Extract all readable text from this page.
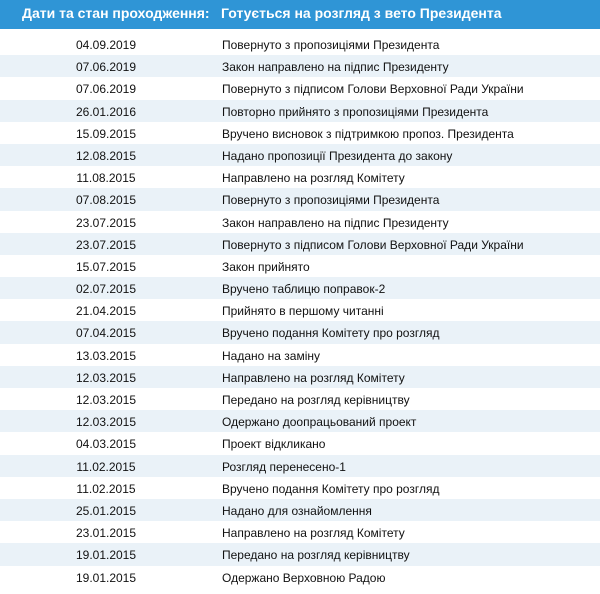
Дати та стан проходження: Готується на розгляд з вето Президента
04.09.2019	Повернуто з пропозиціями Президента
07.06.2019	Закон направлено на підпис Президенту
07.06.2019	Повернуто з підписом Голови Верховної Ради України
26.01.2016	Повторно прийнято з пропозиціями Президента
15.09.2015	Вручено висновок з підтримкою пропоз. Президента
12.08.2015	Надано пропозиції Президента до закону
11.08.2015	Направлено на розгляд Комітету
07.08.2015	Повернуто з пропозиціями Президента
23.07.2015	Закон направлено на підпис Президенту
23.07.2015	Повернуто з підписом Голови Верховної Ради України
15.07.2015	Закон прийнято
02.07.2015	Вручено таблицю поправок-2
21.04.2015	Прийнято в першому читанні
07.04.2015	Вручено подання Комітету про розгляд
13.03.2015	Надано на заміну
12.03.2015	Направлено на розгляд Комітету
12.03.2015	Передано на розгляд керівництву
12.03.2015	Одержано доопрацьований проект
04.03.2015	Проект відкликано
11.02.2015	Розгляд перенесено-1
11.02.2015	Вручено подання Комітету про розгляд
25.01.2015	Надано для ознайомлення
23.01.2015	Направлено на розгляд Комітету
19.01.2015	Передано на розгляд керівництву
19.01.2015	Одержано Верховною Радою
